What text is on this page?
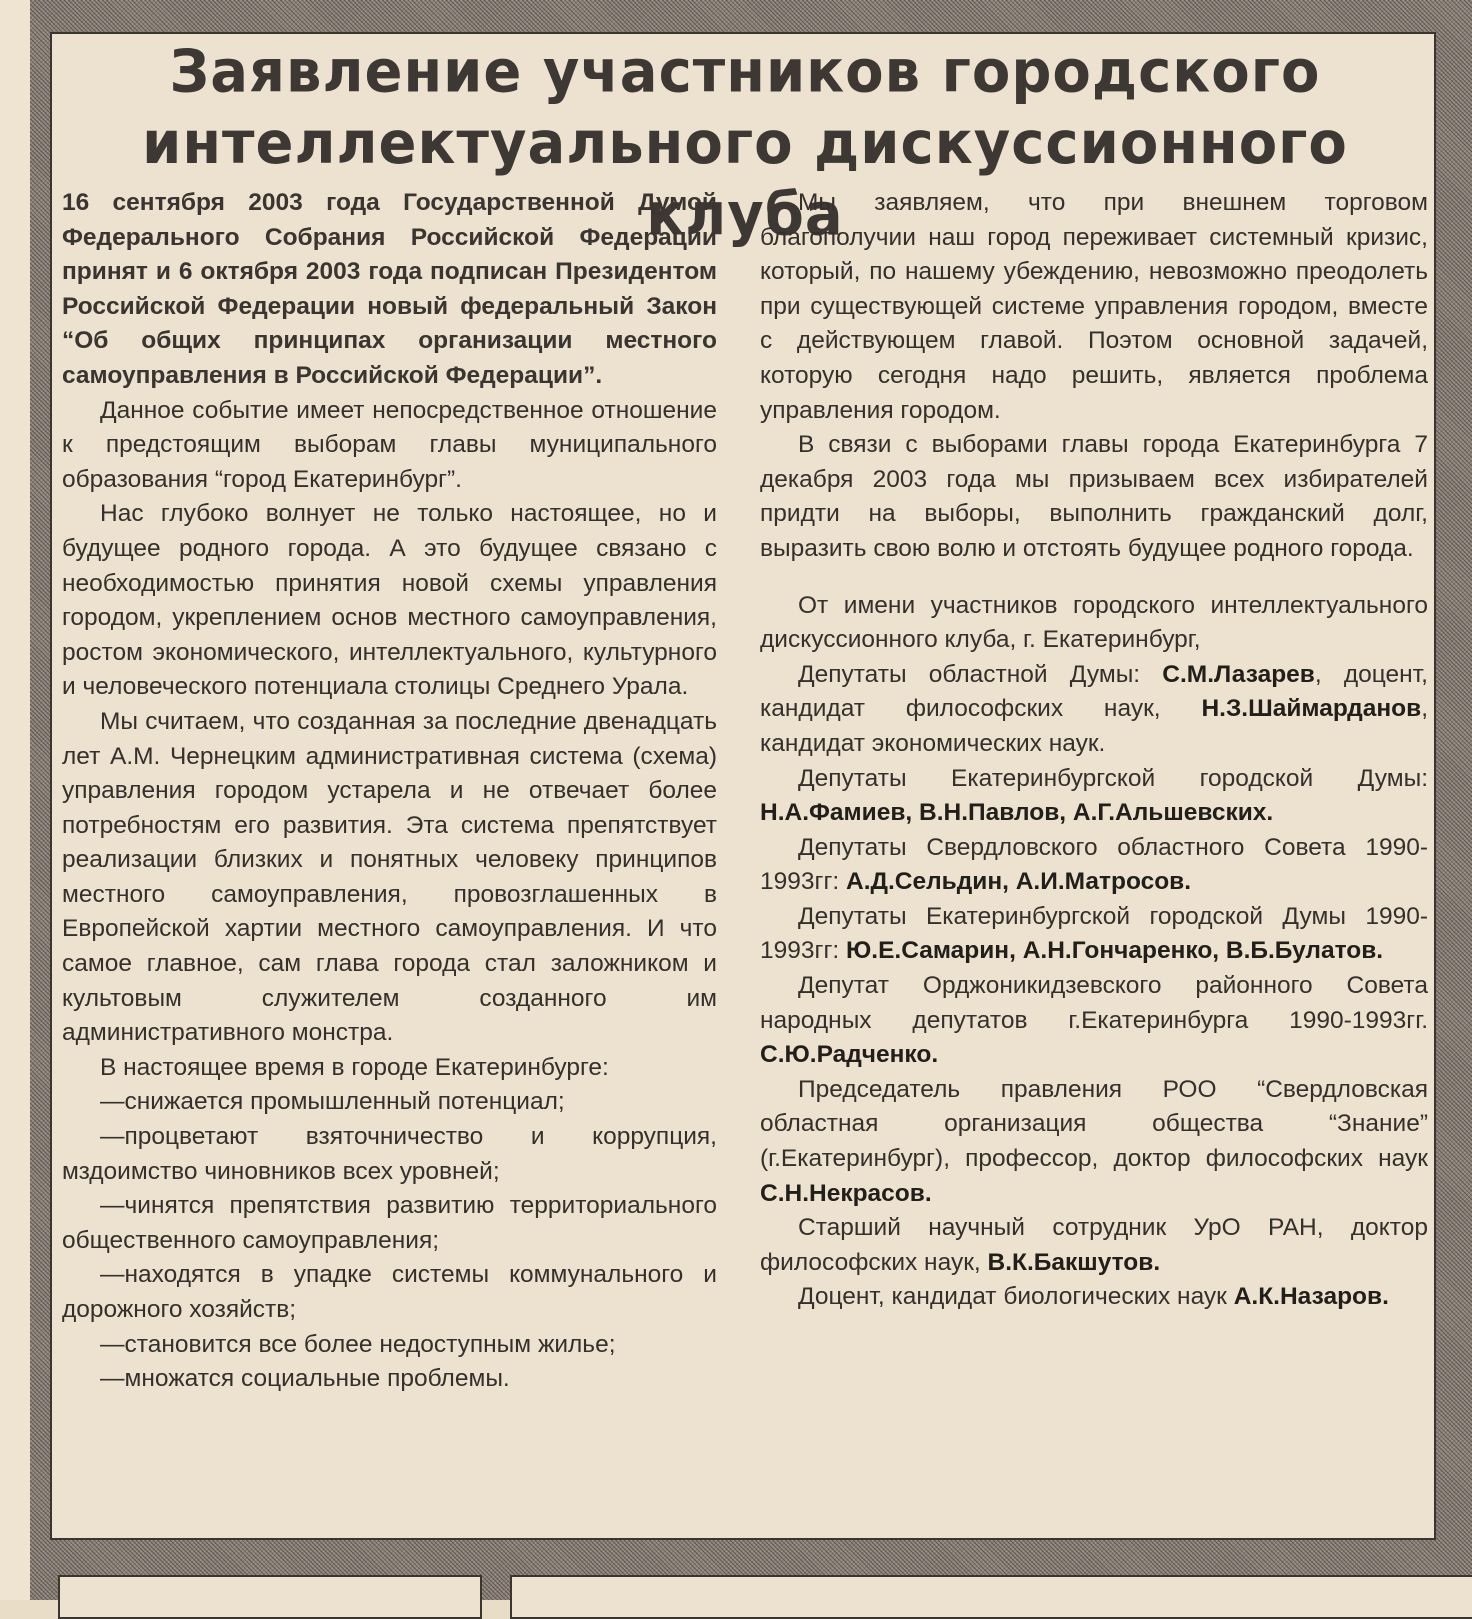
Заявление участников городского
интеллектуального дискуссионного клуба

16 сентября 2003 года Государственной Думой Федерального Собрания Российской Федерации принят и 6 октября 2003 года подписан Президентом Российской Федерации новый федеральный Закон “Об общих принципах организации местного самоуправления в Российской Федерации”.

Данное событие имеет непосредственное отношение к предстоящим выборам главы муниципального образования “город Екатеринбург”.

Нас глубоко волнует не только настоящее, но и будущее родного города. А это будущее связано с необходимостью принятия новой схемы управления городом, укреплением основ местного самоуправления, ростом экономического, интеллектуального, культурного и человеческого потенциала столицы Среднего Урала.

Мы считаем, что созданная за последние двенадцать лет А.М. Чернецким административная система (схема) управления городом устарела и не отвечает более потребностям его развития. Эта система препятствует реализации близких и понятных человеку принципов местного самоуправления, провозглашенных в Европейской хартии местного самоуправления. И что самое главное, сам глава города стал заложником и культовым служителем созданного им административного монстра.

В настоящее время в городе Екатеринбурге:

—снижается промышленный потенциал;

—процветают взяточничество и коррупция, мздоимство чиновников всех уровней;

—чинятся препятствия развитию территориального общественного самоуправления;

—находятся в упадке системы коммунального и дорожного хозяйств;

—становится все более недоступным жилье;

—множатся социальные проблемы.

Мы заявляем, что при внешнем торговом благополучии наш город переживает системный кризис, который, по нашему убеждению, невозможно преодолеть при существующей системе управления городом, вместе с действующем главой. Поэтом основной задачей, которую сегодня надо решить, является проблема управления городом.

В связи с выборами главы города Екатеринбурга 7 декабря 2003 года мы призываем всех избирателей придти на выборы, выполнить гражданский долг, выразить свою волю и отстоять будущее родного города.

От имени участников городского интеллектуального дискуссионного клуба, г. Екатеринбург,

Депутаты областной Думы: С.М.Лазарев, доцент, кандидат философских наук, Н.З.Шаймарданов, кандидат экономических наук.

Депутаты Екатеринбургской городской Думы: Н.А.Фамиев, В.Н.Павлов, А.Г.Альшевских.

Депутаты Свердловского областного Совета 1990-1993гг: А.Д.Сельдин, А.И.Матросов.

Депутаты Екатеринбургской городской Думы 1990-1993гг: Ю.Е.Самарин, А.Н.Гончаренко, В.Б.Булатов.

Депутат Орджоникидзевского районного Совета народных депутатов г.Екатеринбурга 1990-1993гг. С.Ю.Радченко.

Председатель правления РОО “Свердловская областная организация общества “Знание” (г.Екатеринбург), профессор, доктор философских наук С.Н.Некрасов.

Старший научный сотрудник УрО РАН, доктор философских наук, В.К.Бакшутов.

Доцент, кандидат биологических наук А.К.Назаров.
